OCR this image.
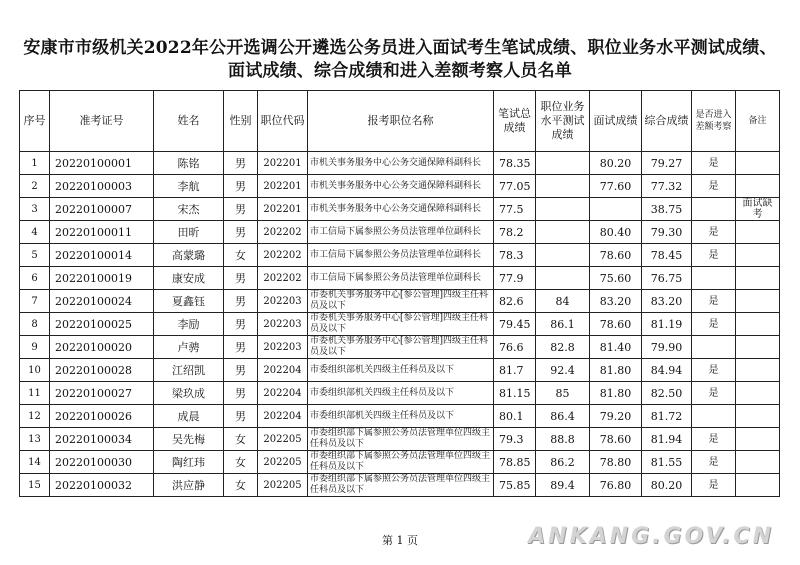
安康市市级机关2022年公开选调公开遴选公务员进入面试考生笔试成绩、职位业务水平测试成绩、
面试成绩、综合成绩和进入差额考察人员名单
序号	准考证号	姓名	性别	职位代码	报考职位名称	笔试总成绩	职位业务水平测试成绩	面试成绩	综合成绩	是否进入差额考察	备注
1	20220100001	陈铭	男	202201	市机关事务服务中心公务交通保障科副科长	78.35		80.20	79.27	是	
2	20220100003	李航	男	202201	市机关事务服务中心公务交通保障科副科长	77.05		77.60	77.32	是	
3	20220100007	宋杰	男	202201	市机关事务服务中心公务交通保障科副科长	77.5			38.75		面试缺考
4	20220100011	田昕	男	202202	市工信局下属参照公务员法管理单位副科长	78.2		80.40	79.30	是	
5	20220100014	高蒙璐	女	202202	市工信局下属参照公务员法管理单位副科长	78.3		78.60	78.45	是	
6	20220100019	康安成	男	202202	市工信局下属参照公务员法管理单位副科长	77.9		75.60	76.75		
7	20220100024	夏鑫钰	男	202203	市委机关事务服务中心[参公管理]四级主任科员及以下	82.6	84	83.20	83.20	是	
8	20220100025	李励	男	202203	市委机关事务服务中心[参公管理]四级主任科员及以下	79.45	86.1	78.60	81.19	是	
9	20220100020	卢骋	男	202203	市委机关事务服务中心[参公管理]四级主任科员及以下	76.6	82.8	81.40	79.90		
10	20220100028	江绍凯	男	202204	市委组织部机关四级主任科员及以下	81.7	92.4	81.80	84.94	是	
11	20220100027	梁玖成	男	202204	市委组织部机关四级主任科员及以下	81.15	85	81.80	82.50	是	
12	20220100026	成晨	男	202204	市委组织部机关四级主任科员及以下	80.1	86.4	79.20	81.72		
13	20220100034	吴先梅	女	202205	市委组织部下属参照公务员法管理单位四级主任科员及以下	79.3	88.8	78.60	81.94	是	
14	20220100030	陶红玮	女	202205	市委组织部下属参照公务员法管理单位四级主任科员及以下	78.85	86.2	78.80	81.55	是	
15	20220100032	洪应静	女	202205	市委组织部下属参照公务员法管理单位四级主任科员及以下	75.85	89.4	76.80	80.20	是	
第 1 页	ANKANG.GOV.CN
